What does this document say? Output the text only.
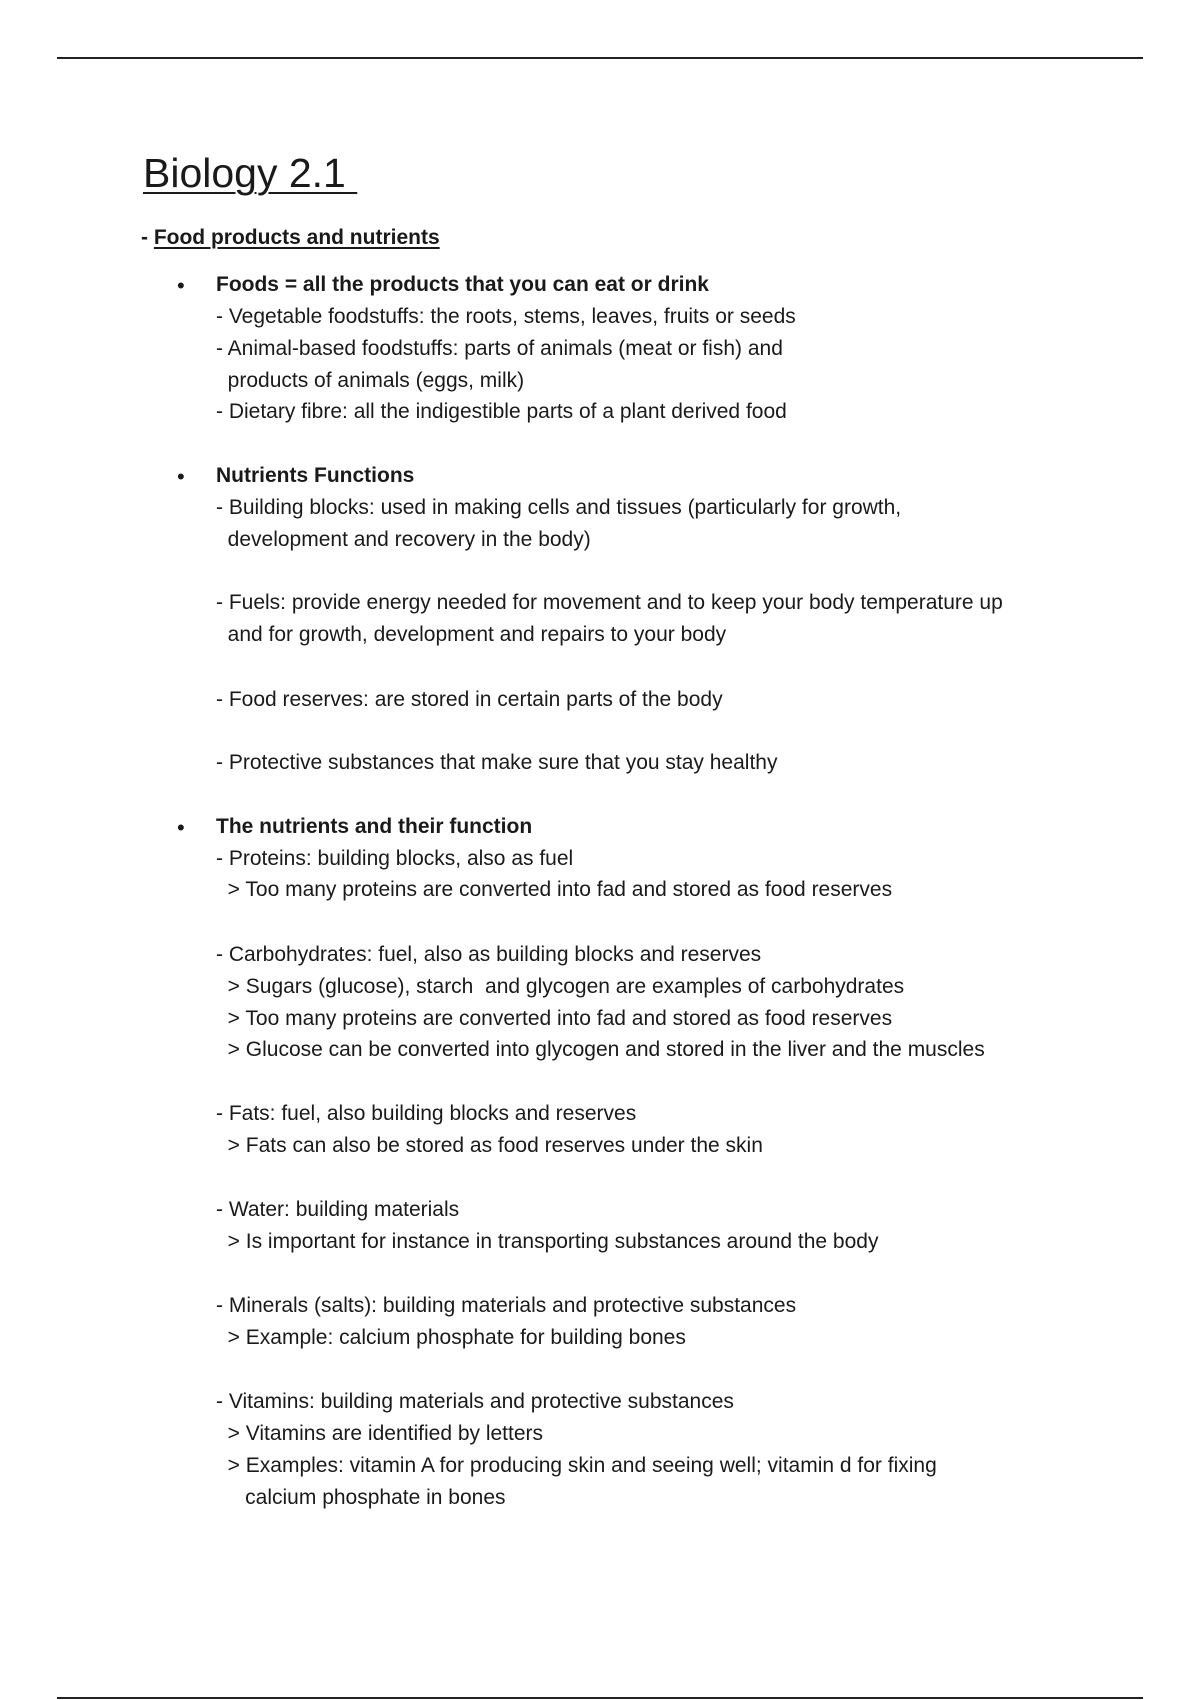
Biology 2.1
- Food products and nutrients
• Foods = all the products that you can eat or drink
- Vegetable foodstuffs: the roots, stems, leaves, fruits or seeds
- Animal-based foodstuffs: parts of animals (meat or fish) and
products of animals (eggs, milk)
- Dietary fibre: all the indigestible parts of a plant derived food
• Nutrients Functions
- Building blocks: used in making cells and tissues (particularly for growth,
development and recovery in the body)
- Fuels: provide energy needed for movement and to keep your body temperature up
and for growth, development and repairs to your body
- Food reserves: are stored in certain parts of the body
- Protective substances that make sure that you stay healthy
• The nutrients and their function
- Proteins: building blocks, also as fuel
> Too many proteins are converted into fad and stored as food reserves
- Carbohydrates: fuel, also as building blocks and reserves
> Sugars (glucose), starch  and glycogen are examples of carbohydrates
> Too many proteins are converted into fad and stored as food reserves
> Glucose can be converted into glycogen and stored in the liver and the muscles
- Fats: fuel, also building blocks and reserves
> Fats can also be stored as food reserves under the skin
- Water: building materials
> Is important for instance in transporting substances around the body
- Minerals (salts): building materials and protective substances
> Example: calcium phosphate for building bones
- Vitamins: building materials and protective substances
> Vitamins are identified by letters
> Examples: vitamin A for producing skin and seeing well; vitamin d for fixing
calcium phosphate in bones
